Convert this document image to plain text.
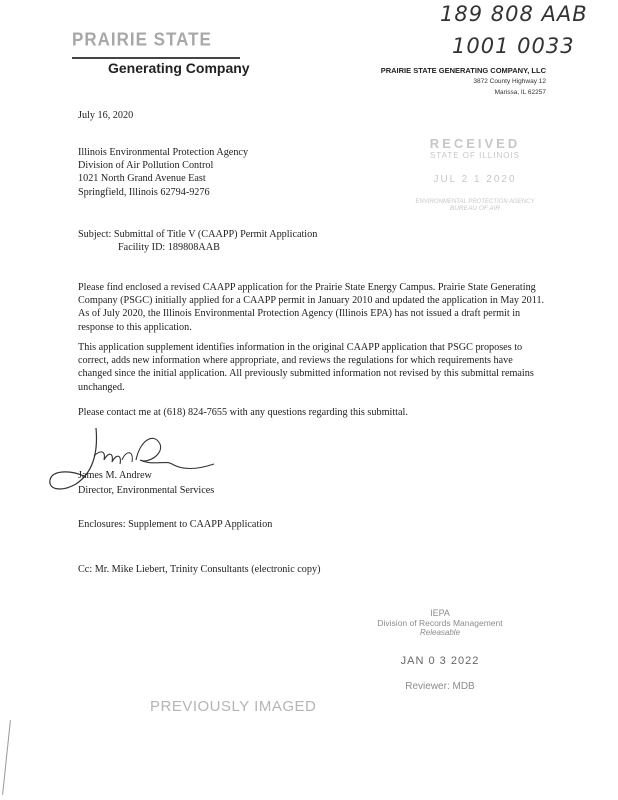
189 808 AAB
1001 0033
PRAIRIE STATE
Generating Company	PRAIRIE STATE GENERATING COMPANY, LLC
3872 County Highway 12
Marissa, IL 62257
July 16, 2020
Illinois Environmental Protection Agency
Division of Air Pollution Control
1021 North Grand Avenue East
Springfield, Illinois 62794-9276
RECEIVED
STATE OF ILLINOIS
JUL 2 1 2020
ENVIRONMENTAL PROTECTION AGENCY
BUREAU OF AIR
Subject: Submittal of Title V (CAAPP) Permit Application
Facility ID: 189808AAB
Please find enclosed a revised CAAPP application for the Prairie State Energy Campus. Prairie State Generating Company (PSGC) initially applied for a CAAPP permit in January 2010 and updated the application in May 2011. As of July 2020, the Illinois Environmental Protection Agency (Illinois EPA) has not issued a draft permit in response to this application.
This application supplement identifies information in the original CAAPP application that PSGC proposes to correct, adds new information where appropriate, and reviews the regulations for which requirements have changed since the initial application. All previously submitted information not revised by this submittal remains unchanged.
Please contact me at (618) 824-7655 with any questions regarding this submittal.
James M. Andrew
Director, Environmental Services
Enclosures: Supplement to CAAPP Application
Cc: Mr. Mike Liebert, Trinity Consultants (electronic copy)
IEPA
Division of Records Management
Releasable
JAN 0 3 2022
Reviewer: MDB
PREVIOUSLY IMAGED
